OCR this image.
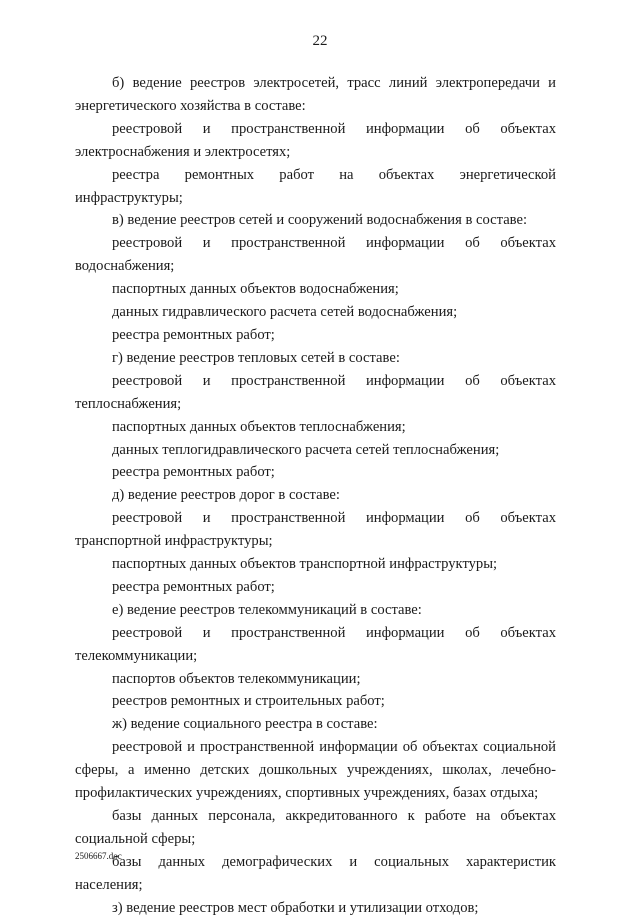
22

б) ведение реестров электросетей, трасс линий электропередачи и энергетического хозяйства в составе:

реестровой и пространственной информации об объектах электроснабжения и электросетях;

реестра ремонтных работ на объектах энергетической инфраструктуры;

в) ведение реестров сетей и сооружений водоснабжения в составе:

реестровой и пространственной информации об объектах водоснабжения;

паспортных данных объектов водоснабжения;

данных гидравлического расчета сетей водоснабжения;

реестра ремонтных работ;

г) ведение реестров тепловых сетей в составе:

реестровой и пространственной информации об объектах теплоснабжения;

паспортных данных объектов теплоснабжения;

данных теплогидравлического расчета сетей теплоснабжения;

реестра ремонтных работ;

д) ведение реестров дорог в составе:

реестровой и пространственной информации об объектах транспортной инфраструктуры;

паспортных данных объектов транспортной инфраструктуры;

реестра ремонтных работ;

е) ведение реестров телекоммуникаций в составе:

реестровой и пространственной информации об объектах телекоммуникации;

паспортов объектов телекоммуникации;

реестров ремонтных и строительных работ;

ж) ведение социального реестра в составе:

реестровой и пространственной информации об объектах социальной сферы, а именно детских дошкольных учреждениях, школах, лечебно-профилактических учреждениях, спортивных учреждениях, базах отдыха;

базы данных персонала, аккредитованного к работе на объектах социальной сферы;

базы данных демографических и социальных характеристик населения;

з) ведение реестров мест обработки и утилизации отходов;

2506667.doc
